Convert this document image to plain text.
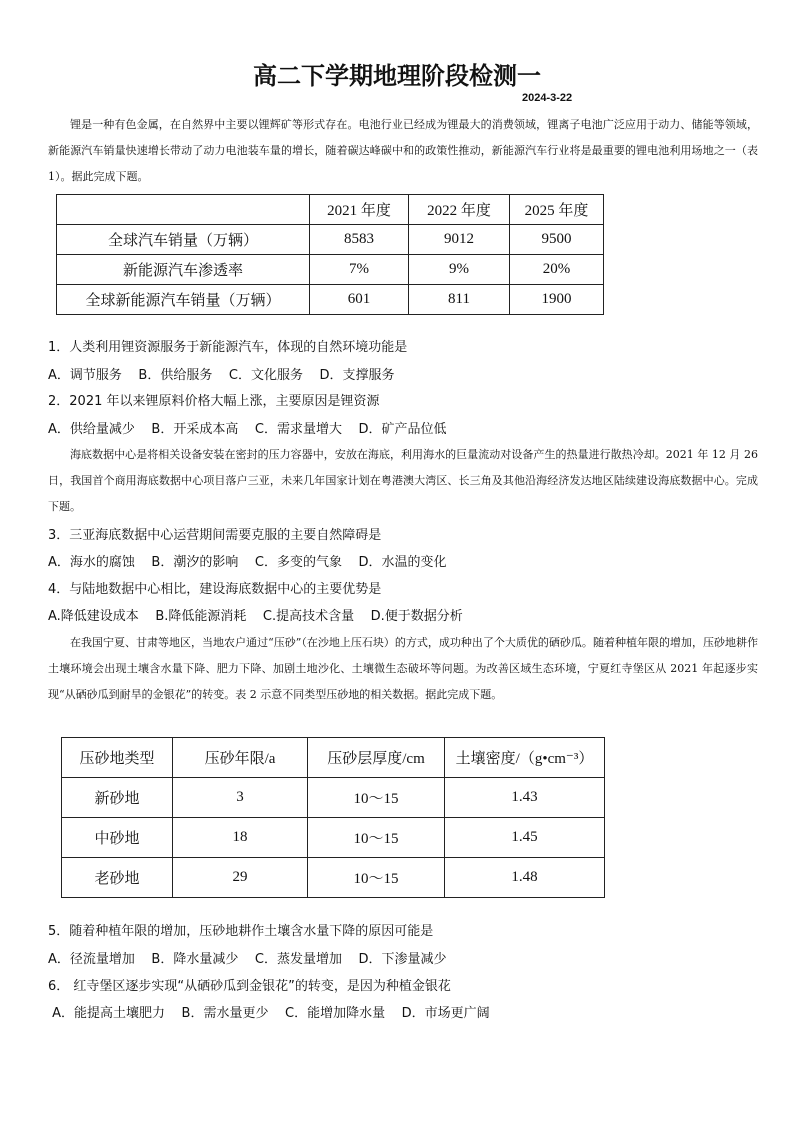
高二下学期地理阶段检测一
2024-3-22
锂是一种有色金属，在自然界中主要以锂辉矿等形式存在。电池行业已经成为锂最大的消费领域，锂离子电池广泛应用于动力、储能等领域，新能源汽车销量快速增长带动了动力电池装车量的增长，随着碳达峰碳中和的政策性推动，新能源汽车行业将是最重要的锂电池利用场地之一（表 1）。据此完成下题。
	2021 年度	2022 年度	2025 年度
全球汽车销量（万辆）	8583	9012	9500
新能源汽车渗透率	7%	9%	20%
全球新能源汽车销量（万辆）	601	811	1900
1．人类利用锂资源服务于新能源汽车，体现的自然环境功能是
A．调节服务    B．供给服务    C．文化服务    D．支撑服务
2．2021 年以来锂原料价格大幅上涨，主要原因是锂资源
A．供给量减少    B．开采成本高    C．需求量增大    D．矿产品位低
海底数据中心是将相关设备安装在密封的压力容器中，安放在海底，利用海水的巨量流动对设备产生的热量进行散热冷却。2021 年 12 月 26 日，我国首个商用海底数据中心项目落户三亚，未来几年国家计划在粤港澳大湾区、长三角及其他沿海经济发达地区陆续建设海底数据中心。完成下题。
3．三亚海底数据中心运营期间需要克服的主要自然障碍是
A．海水的腐蚀    B．潮汐的影响    C．多变的气象    D．水温的变化
4．与陆地数据中心相比，建设海底数据中心的主要优势是
A.降低建设成本    B.降低能源消耗    C.提高技术含量    D.便于数据分析
在我国宁夏、甘肃等地区，当地农户通过“压砂”（在沙地上压石块）的方式，成功种出了个大质优的硒砂瓜。随着种植年限的增加，压砂地耕作土壤环境会出现土壤含水量下降、肥力下降、加剧土地沙化、土壤微生态破坏等问题。为改善区域生态环境，宁夏红寺堡区从 2021 年起逐步实现“从硒砂瓜到耐旱的金银花”的转变。表 2 示意不同类型压砂地的相关数据。据此完成下题。
压砂地类型	压砂年限/a	压砂层厚度/cm	土壤密度/（g•cm⁻³）
新砂地	3	10～15	1.43
中砂地	18	10～15	1.45
老砂地	29	10～15	1.48
5．随着种植年限的增加，压砂地耕作土壤含水量下降的原因可能是
A．径流量增加    B．降水量减少    C．蒸发量增加    D．下渗量减少
6． 红寺堡区逐步实现“从硒砂瓜到金银花”的转变，是因为种植金银花
A．能提高土壤肥力    B．需水量更少    C．能增加降水量    D．市场更广阔
